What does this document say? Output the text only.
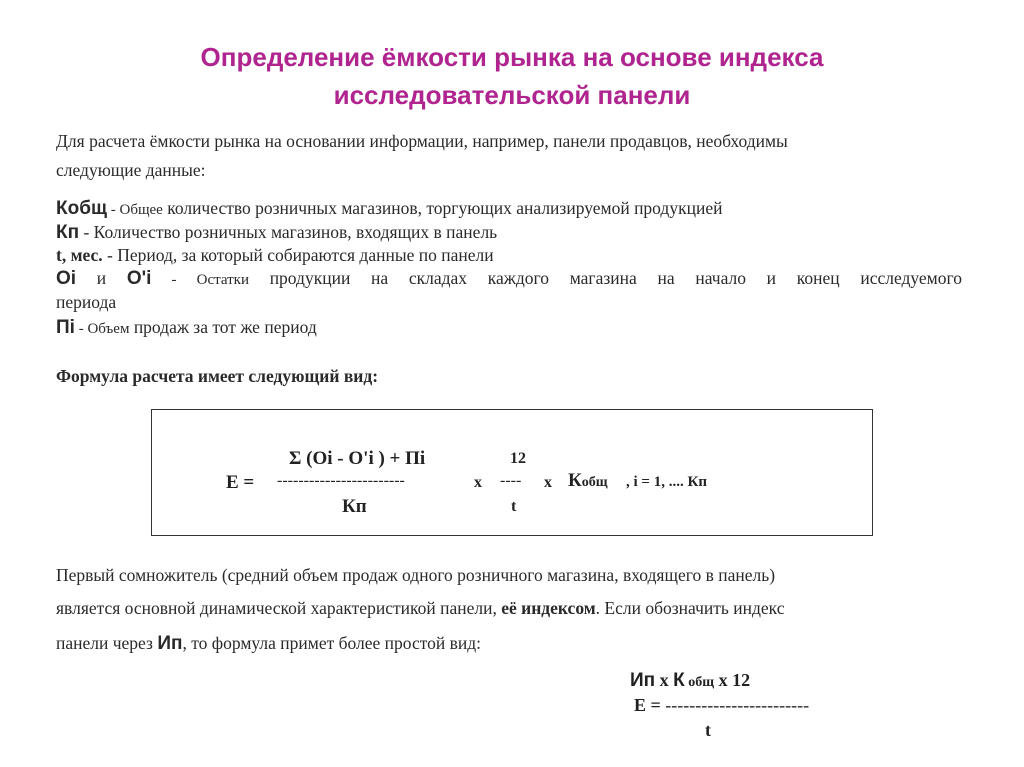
Определение ёмкости рынка на основе индекса
исследовательской панели
Для расчета ёмкости рынка на основании информации, например, панели продавцов, необходимы
следующие данные:
Кобщ - Общее количество розничных магазинов, торгующих анализируемой продукцией
Кп - Количество розничных магазинов, входящих в панель
t, мес. - Период, за который собираются данные по панели
Оi и О'i - Остатки продукции на складах каждого магазина на начало и конец исследуемого
периода
Пi - Объем продаж за тот же период
Формула расчета имеет следующий вид:
Σ (Оi - О'i ) + Пi
E = ------------------------
Кп
12
x ----
t
x Кобщ , i = 1, .... Кп
Первый сомножитель (средний объем продаж одного розничного магазина, входящего в панель)
является основной динамической характеристикой панели, её индексом. Если обозначить индекс
панели через Ип, то формула примет более простой вид:
Ип x К общ x 12
E = ------------------------
t
